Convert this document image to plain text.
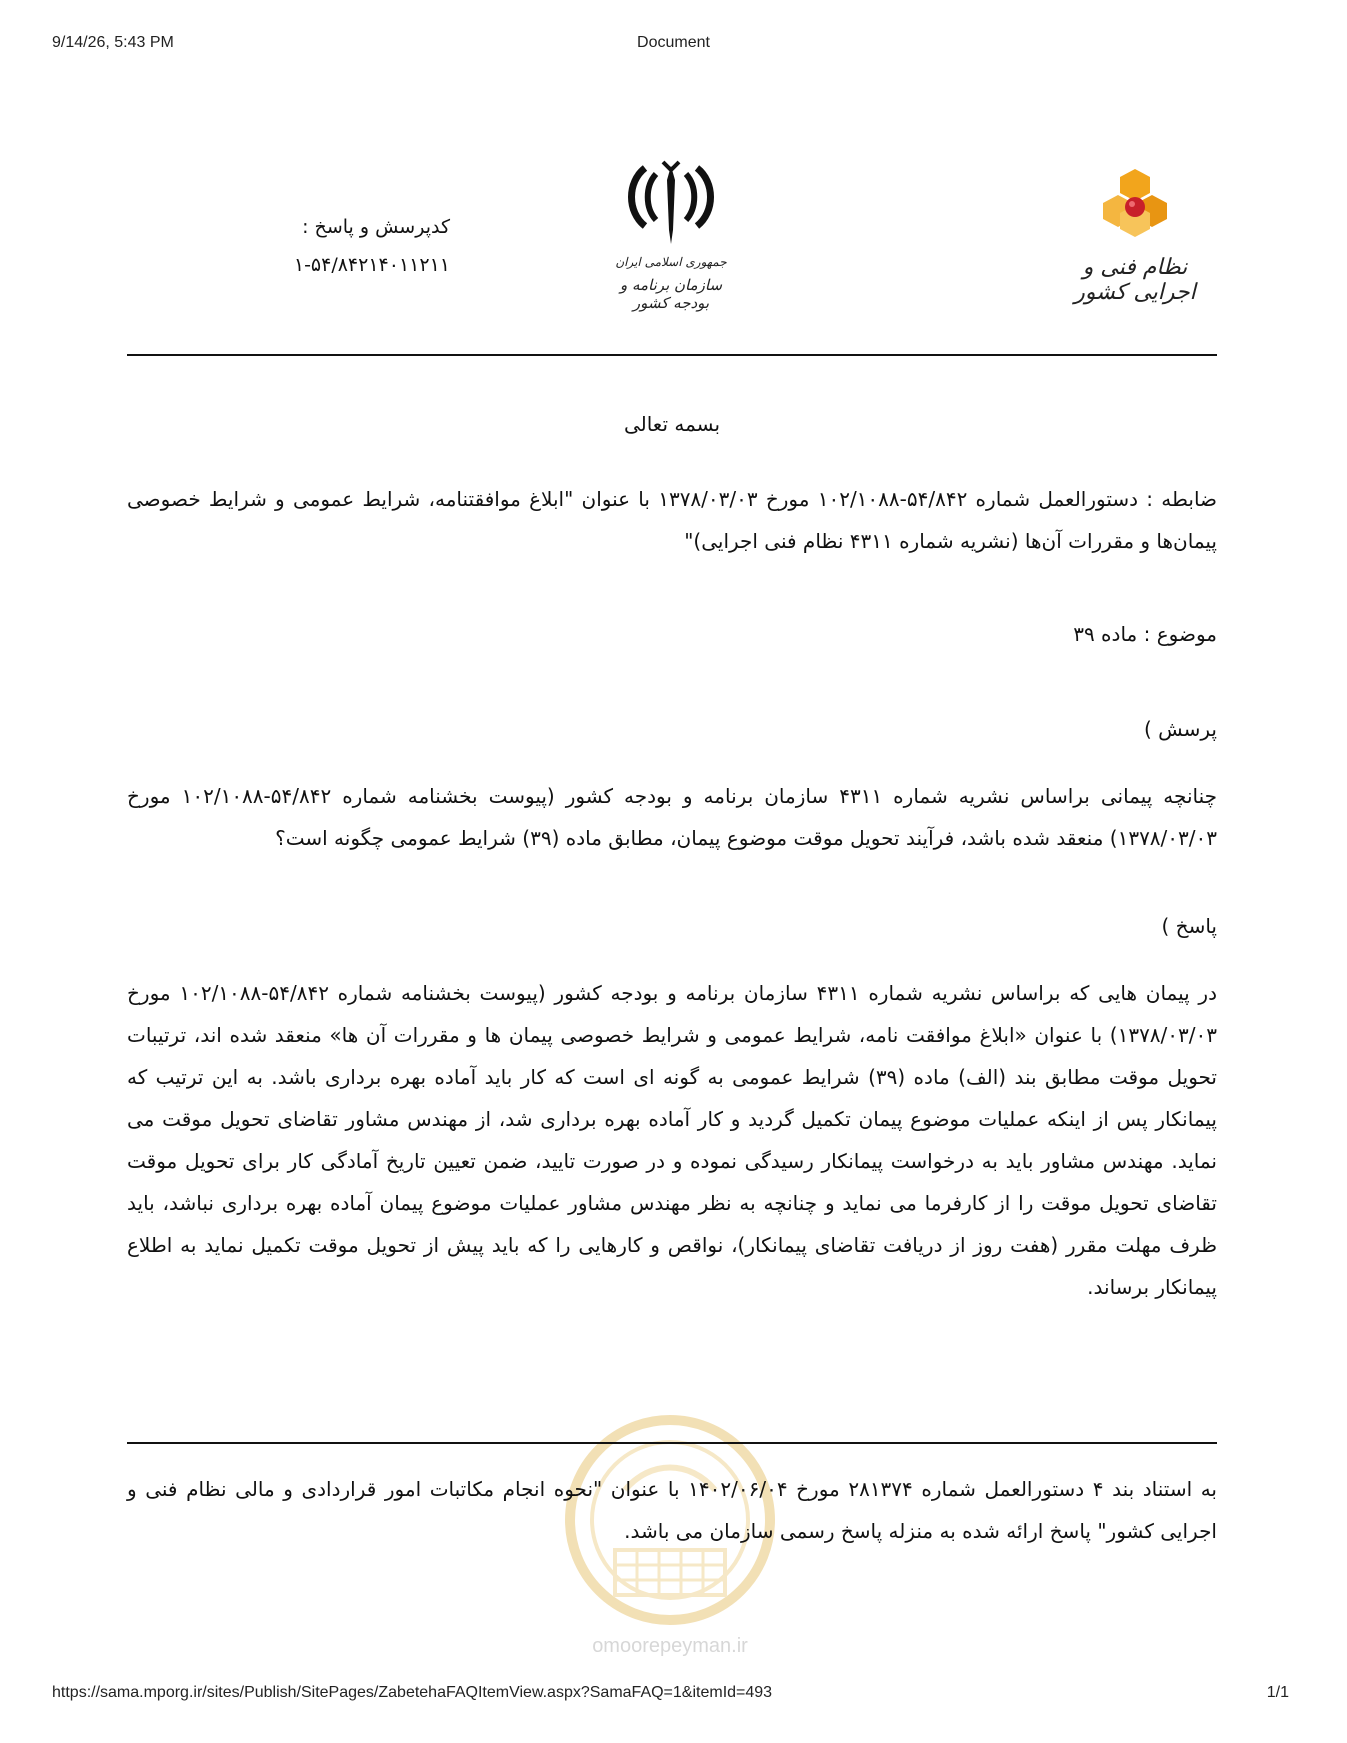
9/14/26, 5:43 PM	Document
کدپرسش و پاسخ :
۱-۵۴/۸۴۲۱۴۰۱۱۲۱۱	جمهوری اسلامی ایران
سازمان برنامه و بودجه کشور
نظام فنی و اجرایی کشور
بسمه تعالی
ضابطه : دستورالعمل شماره ۵۴/۸۴۲-۱۰۲/۱۰۸۸ مورخ ۱۳۷۸/۰۳/۰۳ با عنوان "ابلاغ موافقتنامه، شرایط عمومی و شرایط خصوصی پیمان‌ها و مقررات آن‌ها (نشریه شماره ۴۳۱۱ نظام فنی اجرایی)"
موضوع : ماده ۳۹
پرسش )
چنانچه پیمانی براساس نشریه شماره ۴۳۱۱ سازمان برنامه و بودجه کشور (پیوست بخشنامه شماره ۵۴/۸۴۲-۱۰۲/۱۰۸۸ مورخ ۱۳۷۸/۰۳/۰۳) منعقد شده باشد، فرآیند تحویل موقت موضوع پیمان، مطابق ماده (۳۹) شرایط عمومی چگونه است؟
پاسخ )
در پیمان هایی که براساس نشریه شماره ۴۳۱۱ سازمان برنامه و بودجه کشور (پیوست بخشنامه شماره ۵۴/۸۴۲-۱۰۲/۱۰۸۸ مورخ ۱۳۷۸/۰۳/۰۳) با عنوان «ابلاغ موافقت نامه، شرایط عمومی و شرایط خصوصی پیمان ها و مقررات آن ها» منعقد شده اند، ترتیبات تحویل موقت مطابق بند (الف) ماده (۳۹) شرایط عمومی به گونه ای است که کار باید آماده بهره برداری باشد. به این ترتیب که پیمانکار پس از اینکه عملیات موضوع پیمان تکمیل گردید و کار آماده بهره برداری شد، از مهندس مشاور تقاضای تحویل موقت می نماید. مهندس مشاور باید به درخواست پیمانکار رسیدگی نموده و در صورت تایید، ضمن تعیین تاریخ آمادگی کار برای تحویل موقت تقاضای تحویل موقت را از کارفرما می نماید و چنانچه به نظر مهندس مشاور عملیات موضوع پیمان آماده بهره برداری نباشد، باید ظرف مهلت مقرر (هفت روز از دریافت تقاضای پیمانکار)، نواقص و کارهایی را که باید پیش از تحویل موقت تکمیل نماید به اطلاع پیمانکار برساند.
به استناد بند ۴ دستورالعمل شماره ۲۸۱۳۷۴ مورخ ۱۴۰۲/۰۶/۰۴ با عنوان "نحوه انجام مکاتبات امور قراردادی و مالی نظام فنی و اجرایی کشور" پاسخ ارائه شده به منزله پاسخ رسمی سازمان می باشد.
omoorepeyman.ir
https://sama.mporg.ir/sites/Publish/SitePages/ZabetehaFAQItemView.aspx?SamaFAQ=1&itemId=493	1/1
